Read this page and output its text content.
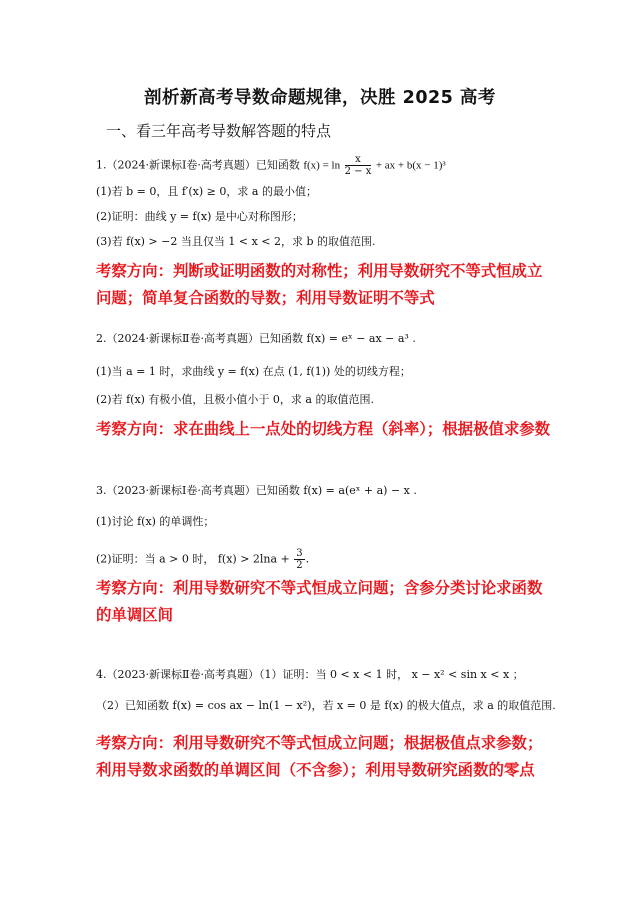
剖析新高考导数命题规律，决胜 2025 高考
一、看三年高考导数解答题的特点
1.（2024·新课标Ⅰ卷·高考真题）已知函数 $f(x) = \ln \frac{x}{2 - x}$ + ax + b(x − 1)³
(1)若 b = 0，且 f′(x) ≥ 0，求 a 的最小值；
(2)证明：曲线 y = f(x) 是中心对称图形；
(3)若 f(x) > −2 当且仅当 1 < x < 2，求 b 的取值范围.
考察方向：判断或证明函数的对称性；利用导数研究不等式恒成立问题；简单复合函数的导数；利用导数证明不等式
2.（2024·新课标Ⅱ卷·高考真题）已知函数 f(x) = eˣ − ax − a³ .
(1)当 a = 1 时，求曲线 y = f(x) 在点 (1, f(1)) 处的切线方程；
(2)若 f(x) 有极小值，且极小值小于 0，求 a 的取值范围.
考察方向：求在曲线上一点处的切线方程（斜率）；根据极值求参数
3.（2023·新课标Ⅰ卷·高考真题）已知函数 f(x) = a(eˣ + a) − x .
(1)讨论 f(x) 的单调性；
(2)证明：当 a > 0 时， $f(x) > 2\ln a + \frac{3}{2}$ .
考察方向：利用导数研究不等式恒成立问题；含参分类讨论求函数的单调区间
4.（2023·新课标Ⅱ卷·高考真题）（1）证明：当 0 < x < 1 时， x − x² < sin x < x ；
（2）已知函数 f(x) = cos ax − ln(1 − x²)，若 x = 0 是 f(x) 的极大值点，求 a 的取值范围.
考察方向：利用导数研究不等式恒成立问题；根据极值点求参数；利用导数求函数的单调区间（不含参）；利用导数研究函数的零点
